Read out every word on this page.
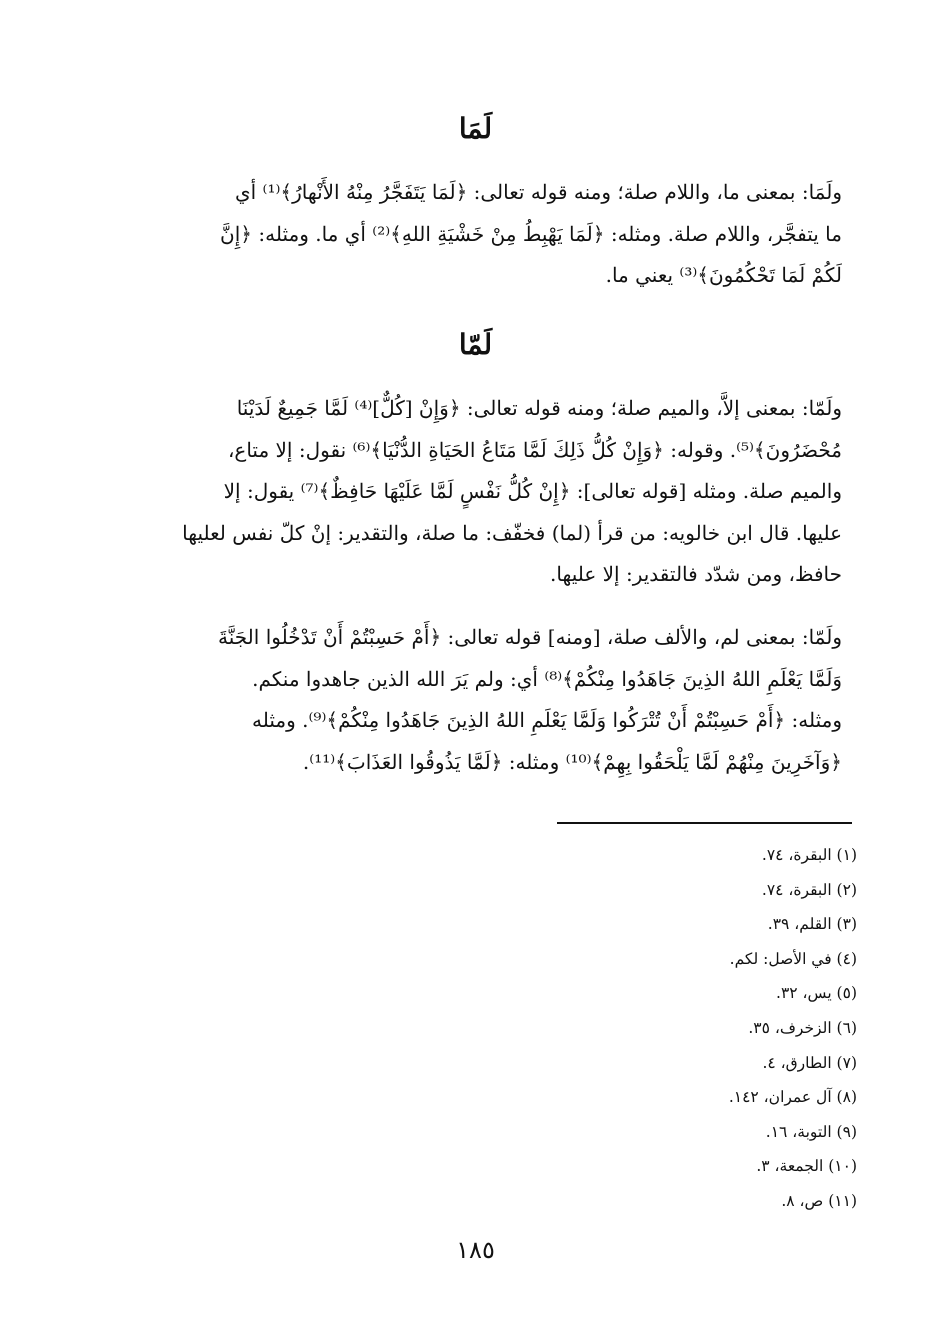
لَمَا
ولَمَا: بمعنى ما، واللام صلة؛ ومنه قوله تعالى: ﴿لَمَا يَتَفَجَّرُ مِنْهُ الأَنْهارُ﴾⁽¹⁾ أي
ما يتفجَّر، واللام صلة. ومثله: ﴿لَمَا يَهْبِطُ مِنْ خَشْيَةِ اللهِ﴾⁽²⁾ أي ما. ومثله: ﴿إِنَّ
لَكُمْ لَمَا تَحْكُمُونَ﴾⁽³⁾ يعني ما.
لَمّا
ولَمّا: بمعنى إلاَّ، والميم صلة؛ ومنه قوله تعالى: ﴿وَإِنْ [كُلٌّ]⁽⁴⁾ لَمَّا جَمِيعٌ لَدَيْنَا
مُحْضَرُونَ﴾⁽⁵⁾. وقوله: ﴿وَإِنْ كُلُّ ذَلِكَ لَمَّا مَتَاعُ الحَيَاةِ الدُّنْيَا﴾⁽⁶⁾ نقول: إلا متاع،
والميم صلة. ومثله [قوله تعالى]: ﴿إِنْ كُلُّ نَفْسٍ لَمَّا عَلَيْهَا حَافِظٌ﴾⁽⁷⁾ يقول: إلا
عليها. قال ابن خالويه: من قرأ (لما) فخفّف: ما صلة، والتقدير: إنْ كلّ نفس لعليها
حافظ، ومن شدّد فالتقدير: إلا عليها.
ولَمّا: بمعنى لم، والألف صلة، [ومنه] قوله تعالى: ﴿أَمْ حَسِبْتُمْ أَنْ تَدْخُلُوا الجَنَّةَ
وَلَمَّا يَعْلَمِ اللهُ الذِينَ جَاهَدُوا مِنْكُمْ﴾⁽⁸⁾ أي: ولم يَرَ الله الذين جاهدوا منكم.
ومثله: ﴿أَمْ حَسِبْتُمْ أَنْ تُتْرَكُوا وَلَمَّا يَعْلَمِ اللهُ الذِينَ جَاهَدُوا مِنْكُمْ﴾⁽⁹⁾. ومثله
﴿وَآخَرِينَ مِنْهُمْ لَمَّا يَلْحَقُوا بِهِمْ﴾⁽¹⁰⁾ ومثله: ﴿لَمَّا يَذُوقُوا العَذَابَ﴾⁽¹¹⁾.
(١) البقرة، ٧٤.
(٢) البقرة، ٧٤.
(٣) القلم، ٣٩.
(٤) في الأصل: لكم.
(٥) يس، ٣٢.
(٦) الزخرف، ٣٥.
(٧) الطارق، ٤.
(٨) آل عمران، ١٤٢.
(٩) التوبة، ١٦.
(١٠) الجمعة، ٣.
(١١) ص، ٨.
١٨٥
